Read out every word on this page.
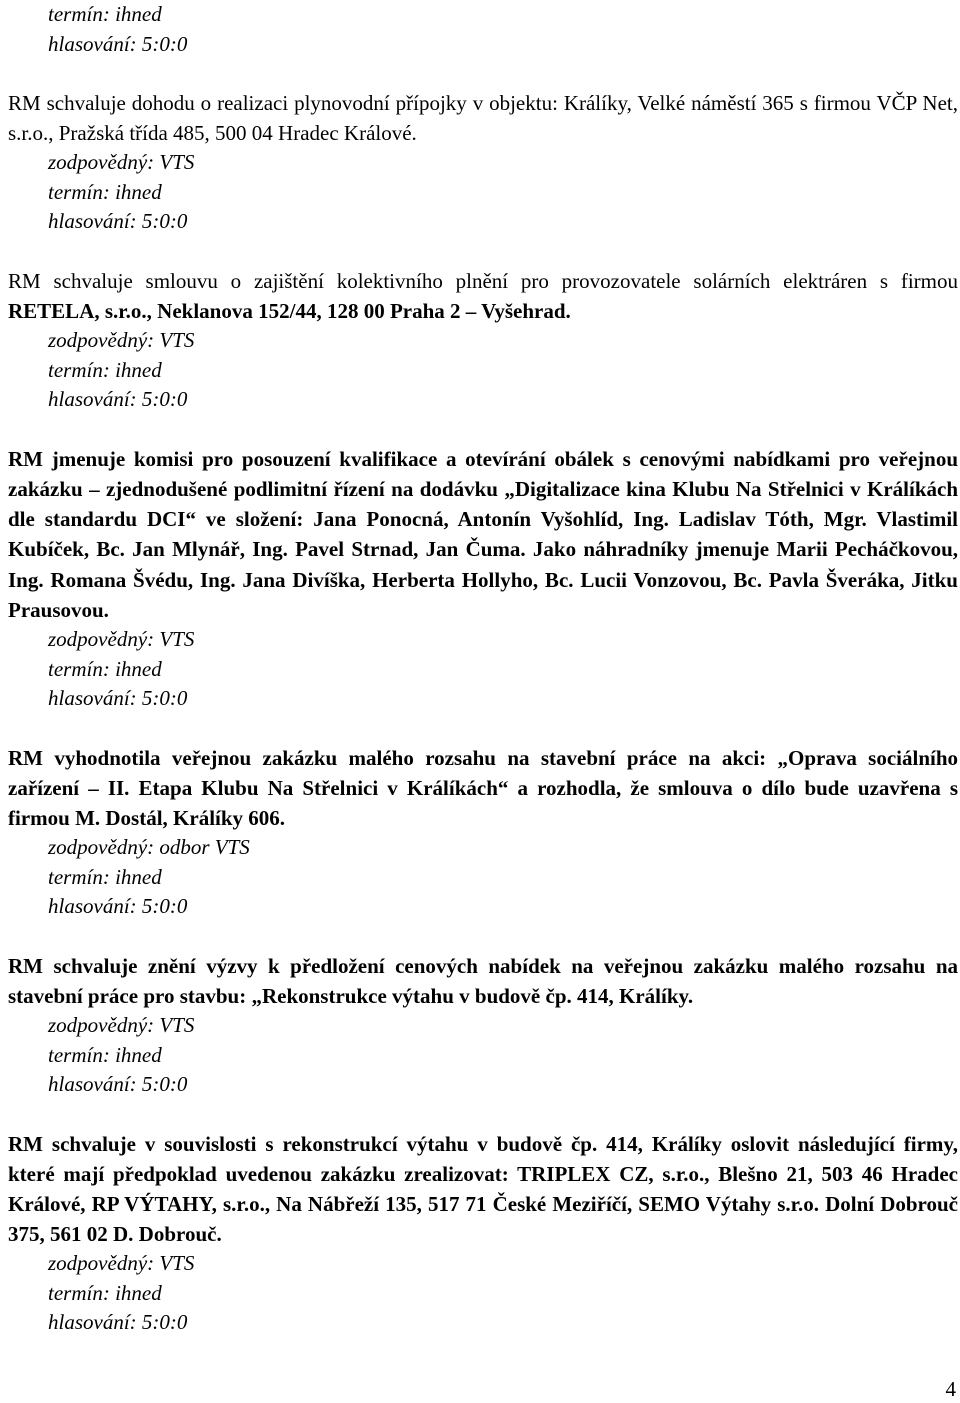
termín: ihned
hlasování: 5:0:0

RM schvaluje dohodu o realizaci plynovodní přípojky v objektu: Králíky, Velké náměstí 365 s firmou VČP Net, s.r.o., Pražská třída 485, 500 04 Hradec Králové.

zodpovědný: VTS
termín: ihned
hlasování: 5:0:0

RM schvaluje smlouvu o zajištění kolektivního plnění pro provozovatele solárních elektráren s firmou RETELA, s.r.o., Neklanova 152/44, 128 00 Praha 2 – Vyšehrad.

zodpovědný: VTS
termín: ihned
hlasování: 5:0:0

RM jmenuje komisi pro posouzení kvalifikace a otevírání obálek s cenovými nabídkami pro veřejnou zakázku – zjednodušené podlimitní řízení na dodávku „Digitalizace kina Klubu Na Střelnici v Králíkách dle standardu DCI“ ve složení: Jana Ponocná, Antonín Vyšohlíd, Ing. Ladislav Tóth, Mgr. Vlastimil Kubíček, Bc. Jan Mlynář, Ing. Pavel Strnad, Jan Čuma. Jako náhradníky jmenuje Marii Pecháčkovou, Ing. Romana Švédu, Ing. Jana Divíška, Herberta Hollyho, Bc. Lucii Vonzovou, Bc. Pavla Šveráka, Jitku Prausovou.

zodpovědný: VTS
termín: ihned
hlasování: 5:0:0

RM vyhodnotila veřejnou zakázku malého rozsahu na stavební práce na akci: „Oprava sociálního zařízení – II. Etapa Klubu Na Střelnici v Králíkách“ a rozhodla, že smlouva o dílo bude uzavřena s firmou M. Dostál, Králíky 606.

zodpovědný: odbor VTS
termín: ihned
hlasování: 5:0:0

RM schvaluje znění výzvy k předložení cenových nabídek na veřejnou zakázku malého rozsahu na stavební práce pro stavbu: „Rekonstrukce výtahu v budově čp. 414, Králíky.

zodpovědný: VTS
termín: ihned
hlasování: 5:0:0

RM schvaluje v souvislosti s rekonstrukcí výtahu v budově čp. 414, Králíky oslovit následující firmy, které mají předpoklad uvedenou zakázku zrealizovat: TRIPLEX CZ, s.r.o., Blešno 21, 503 46 Hradec Králové, RP VÝTAHY, s.r.o., Na Nábřeží 135, 517 71 České Meziříčí, SEMO Výtahy s.r.o. Dolní Dobrouč 375, 561 02 D. Dobrouč.

zodpovědný: VTS
termín: ihned
hlasování: 5:0:0
4
